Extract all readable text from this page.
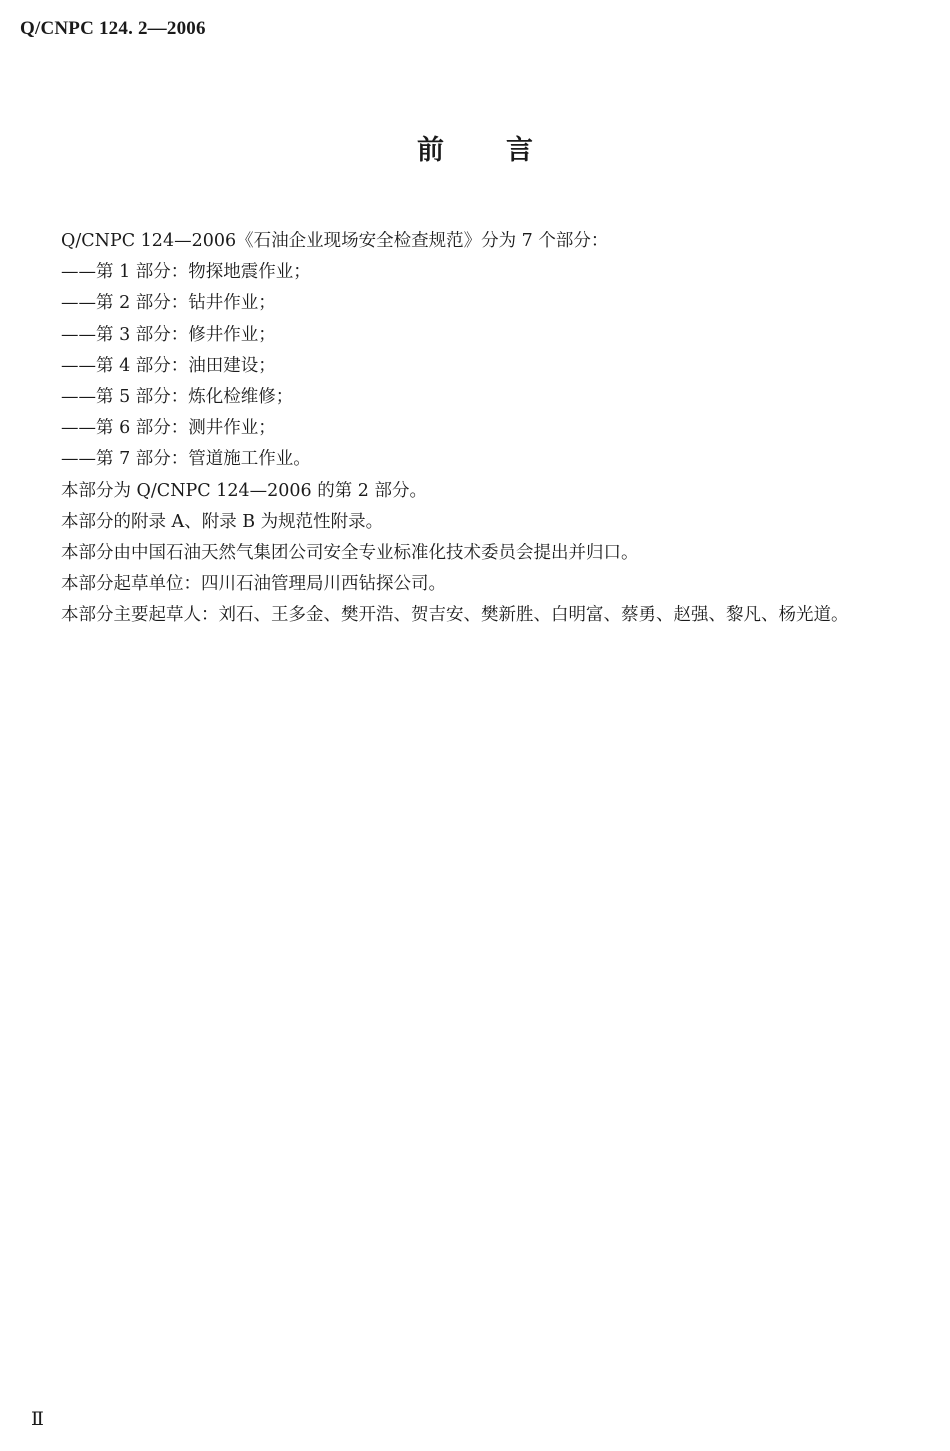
Q/CNPC 124. 2—2006
前 言

Q/CNPC 124—2006《石油企业现场安全检查规范》分为 7 个部分：

——第 1 部分：物探地震作业；

——第 2 部分：钻井作业；

——第 3 部分：修井作业；

——第 4 部分：油田建设；

——第 5 部分：炼化检维修；

——第 6 部分：测井作业；

——第 7 部分：管道施工作业。

本部分为 Q/CNPC 124—2006 的第 2 部分。

本部分的附录 A、附录 B 为规范性附录。

本部分由中国石油天然气集团公司安全专业标准化技术委员会提出并归口。

本部分起草单位：四川石油管理局川西钻探公司。

本部分主要起草人：刘石、王多金、樊开浩、贺吉安、樊新胜、白明富、蔡勇、赵强、黎凡、杨光道。

Ⅱ
